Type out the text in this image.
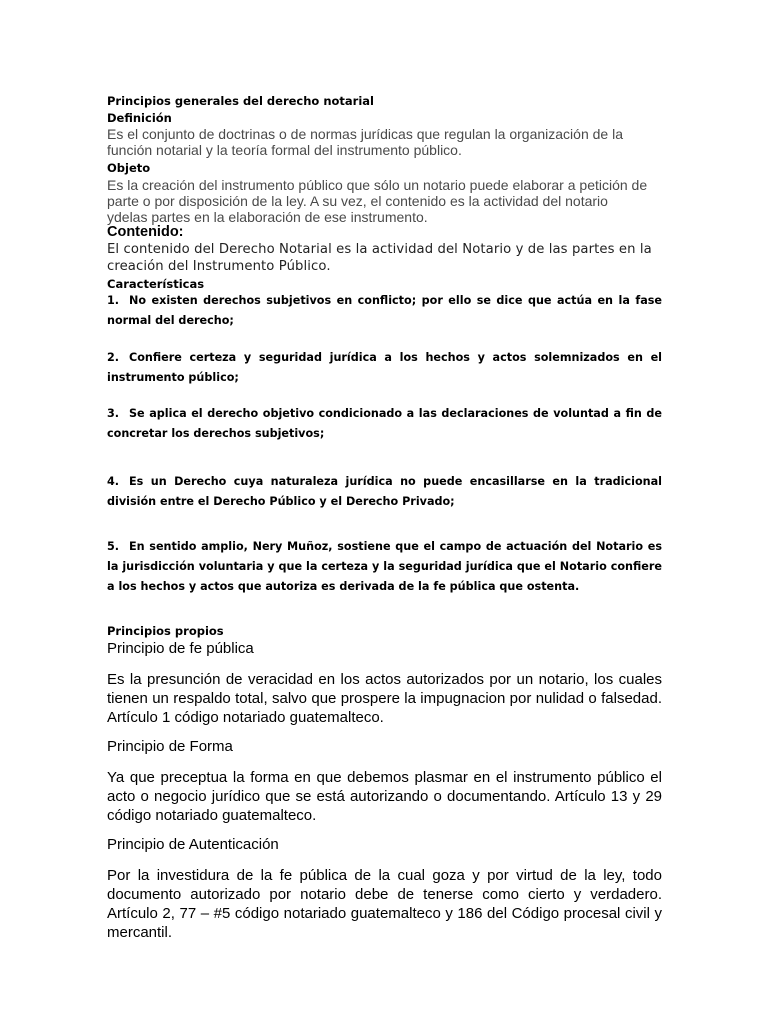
Principios generales del derecho notarial

Definición

Es el conjunto de doctrinas o de normas jurídicas que regulan la organización de la función notarial y la teoría formal del instrumento público.

Objeto

Es la creación del instrumento público que sólo un notario puede elaborar a petición de parte o por disposición de la ley. A su vez, el contenido es la actividad del notario ydelas partes en la elaboración de ese instrumento.

Contenido:

El contenido del Derecho Notarial es la actividad del Notario y de las partes en la creación del Instrumento Público.

Características

1. No existen derechos subjetivos en conflicto; por ello se dice que actúa en la fase normal del derecho;

2. Confiere certeza y seguridad jurídica a los hechos y actos solemnizados en el instrumento público;

3. Se aplica el derecho objetivo condicionado a las declaraciones de voluntad a fin de concretar los derechos subjetivos;

4. Es un Derecho cuya naturaleza jurídica no puede encasillarse en la tradicional división entre el Derecho Público y el Derecho Privado;

5. En sentido amplio, Nery Muñoz, sostiene que el campo de actuación del Notario es la jurisdicción voluntaria y que la certeza y la seguridad jurídica que el Notario confiere a los hechos y actos que autoriza es derivada de la fe pública que ostenta.

Principios propios

Principio de fe pública

Es la presunción de veracidad en los actos autorizados por un notario, los cuales tienen un respaldo total, salvo que prospere la impugnacion por nulidad o falsedad. Artículo 1 código notariado guatemalteco.

Principio de Forma

Ya que preceptua la forma en que debemos plasmar en el instrumento público el acto o negocio jurídico que se está autorizando o documentando. Artículo 13 y 29 código notariado guatemalteco.

Principio de Autenticación

Por la investidura de la fe pública de la cual goza y por virtud de la ley, todo documento autorizado por notario debe de tenerse como cierto y verdadero. Artículo 2, 77 – #5 código notariado guatemalteco y 186 del Código procesal civil y mercantil.
